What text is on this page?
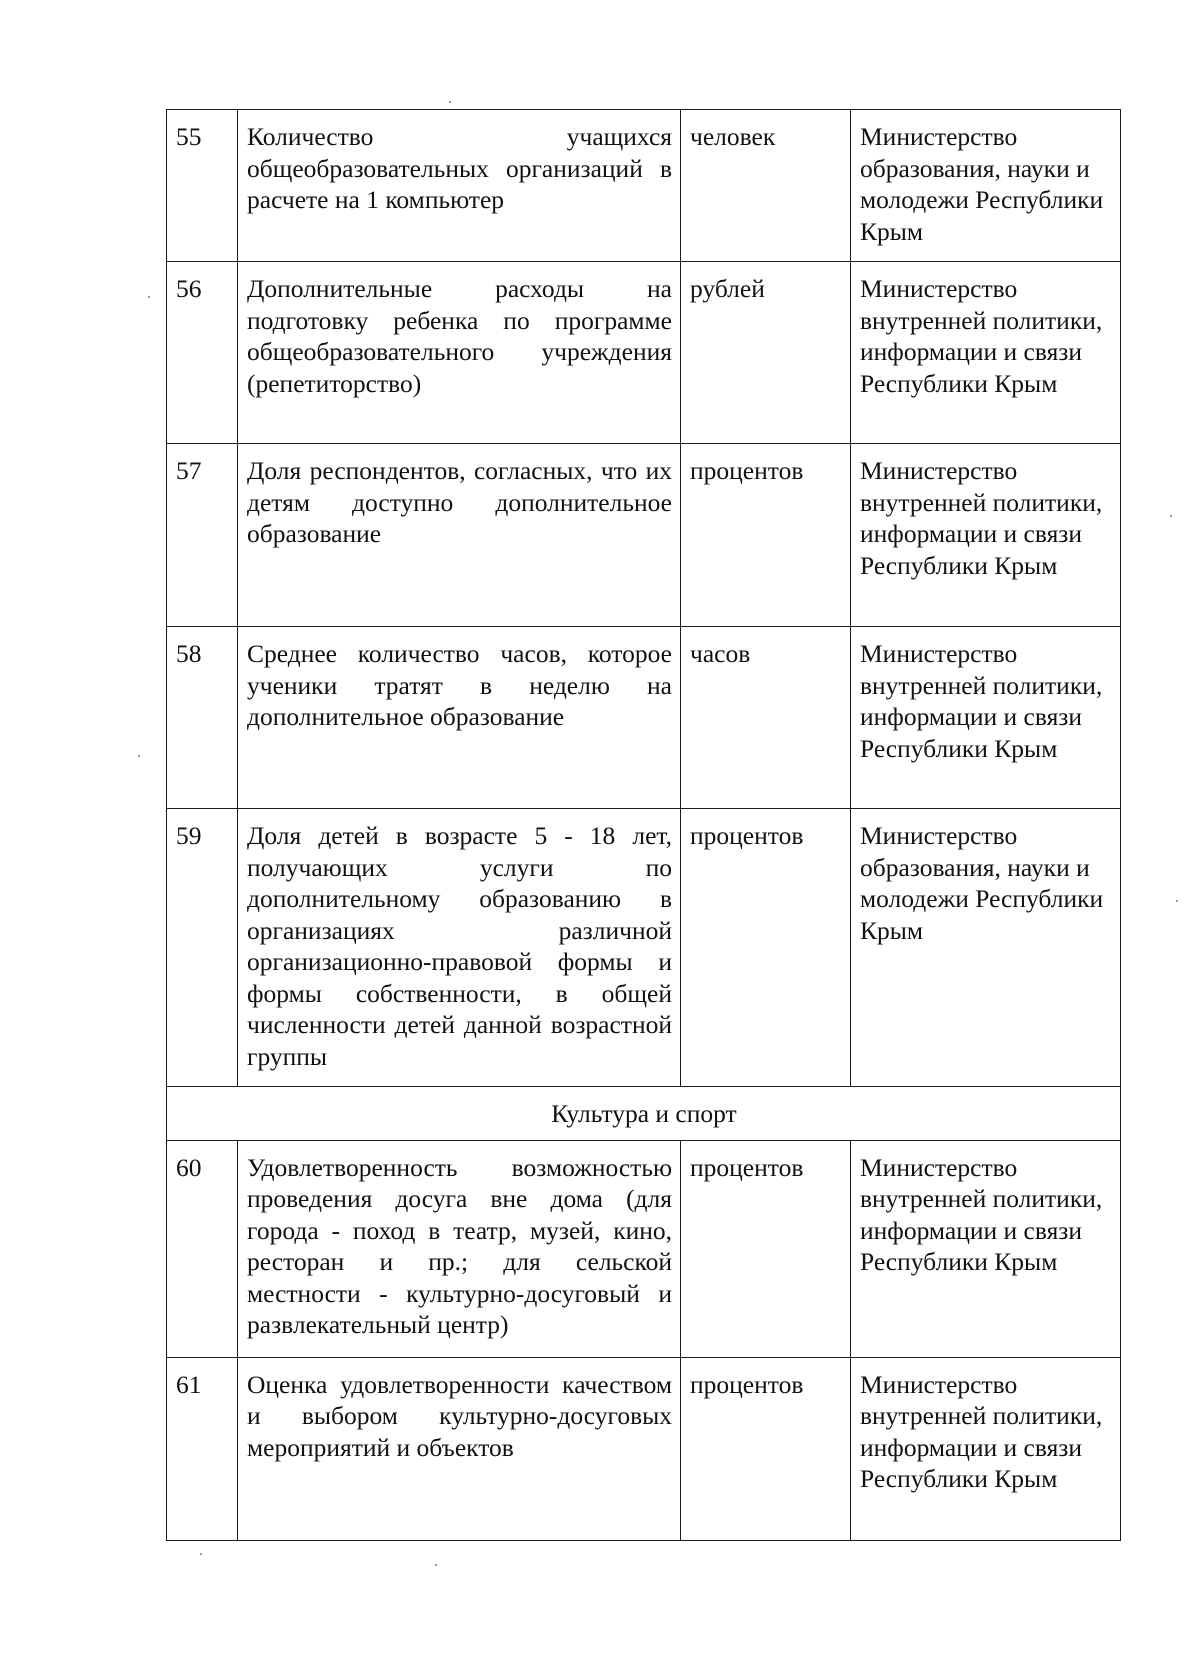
55	Количество учащихся общеобразовательных организаций в расчете на 1 компьютер	человек	Министерство образования, науки и молодежи Республики Крым
56	Дополнительные расходы на подготовку ребенка по программе общеобразовательного учреждения (репетиторство)	рублей	Министерство внутренней политики, информации и связи Республики Крым
57	Доля респондентов, согласных, что их детям доступно дополнительное образование	процентов	Министерство внутренней политики, информации и связи Республики Крым
58	Среднее количество часов, которое ученики тратят в неделю на дополнительное образование	часов	Министерство внутренней политики, информации и связи Республики Крым
59	Доля детей в возрасте 5 - 18 лет, получающих услуги по дополнительному образованию в организациях различной организационно-правовой формы и формы собственности, в общей численности детей данной возрастной группы	процентов	Министерство образования, науки и молодежи Республики Крым
Культура и спорт			
60	Удовлетворенность возможностью проведения досуга вне дома (для города - поход в театр, музей, кино, ресторан и пр.; для сельской местности - культурно-досуговый и развлекательный центр)	процентов	Министерство внутренней политики, информации и связи Республики Крым
61	Оценка удовлетворенности качеством и выбором культурно-досуговых мероприятий и объектов	процентов	Министерство внутренней политики, информации и связи Республики Крым
